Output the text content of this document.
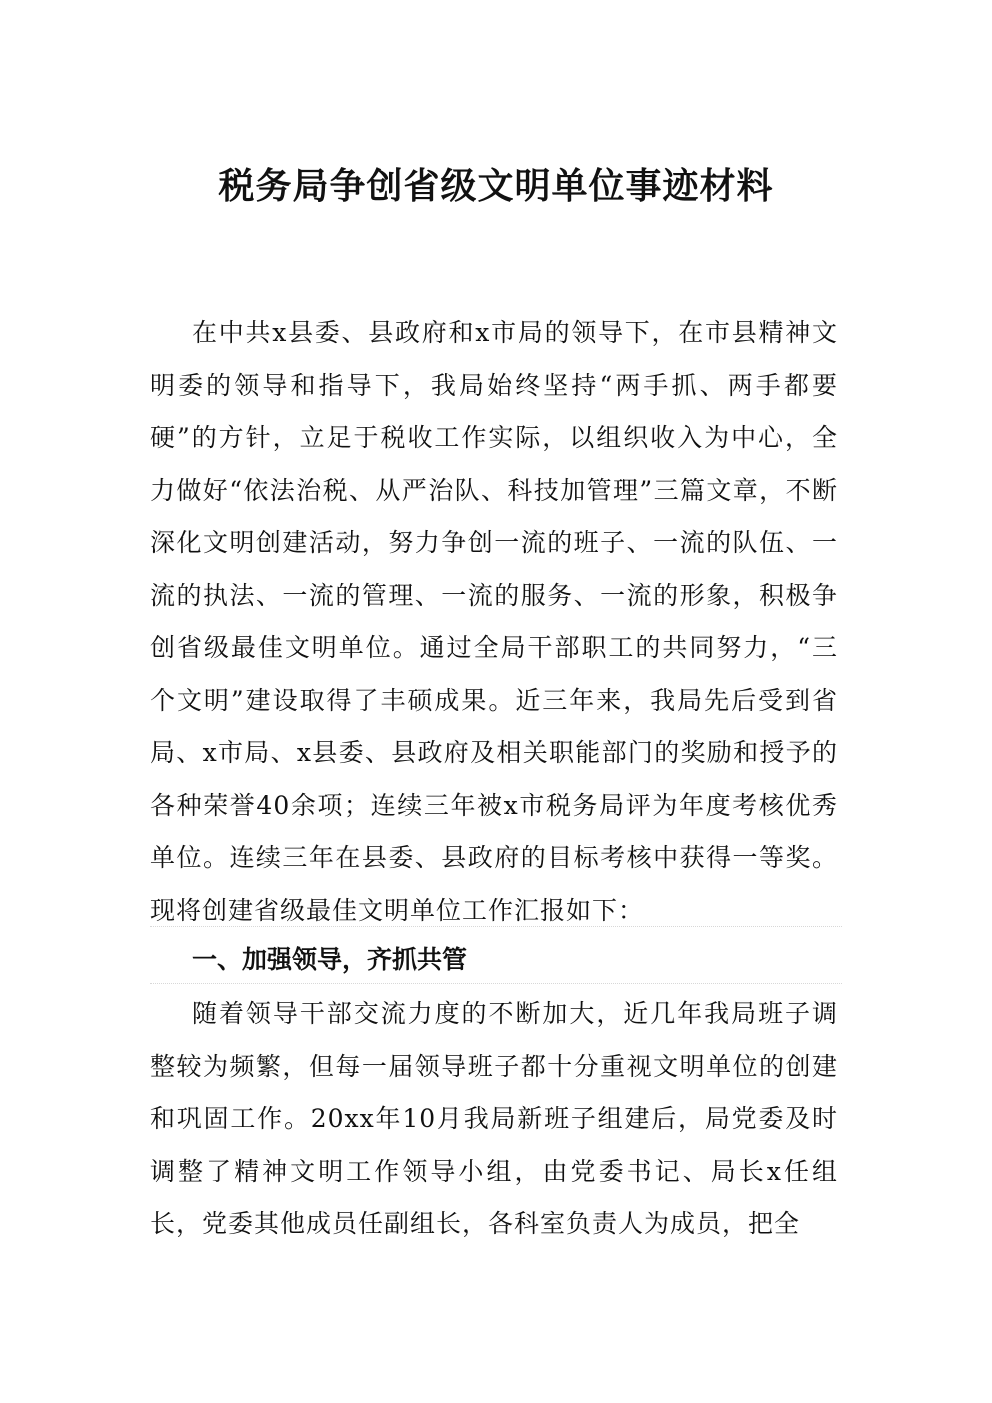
税务局争创省级文明单位事迹材料

在中共x县委、县政府和x市局的领导下，在市县精神文明委的领导和指导下，我局始终坚持“两手抓、两手都要硬”的方针，立足于税收工作实际，以组织收入为中心，全力做好“依法治税、从严治队、科技加管理”三篇文章，不断深化文明创建活动，努力争创一流的班子、一流的队伍、一流的执法、一流的管理、一流的服务、一流的形象，积极争创省级最佳文明单位。通过全局干部职工的共同努力，“三个文明”建设取得了丰硕成果。近三年来，我局先后受到省局、x市局、x县委、县政府及相关职能部门的奖励和授予的各种荣誉40余项；连续三年被x市税务局评为年度考核优秀单位。连续三年在县委、县政府的目标考核中获得一等奖。现将创建省级最佳文明单位工作汇报如下：

一、加强领导，齐抓共管

随着领导干部交流力度的不断加大，近几年我局班子调整较为频繁，但每一届领导班子都十分重视文明单位的创建和巩固工作。20xx年10月我局新班子组建后，局党委及时调整了精神文明工作领导小组，由党委书记、局长x任组长，党委其他成员任副组长，各科室负责人为成员，把全
